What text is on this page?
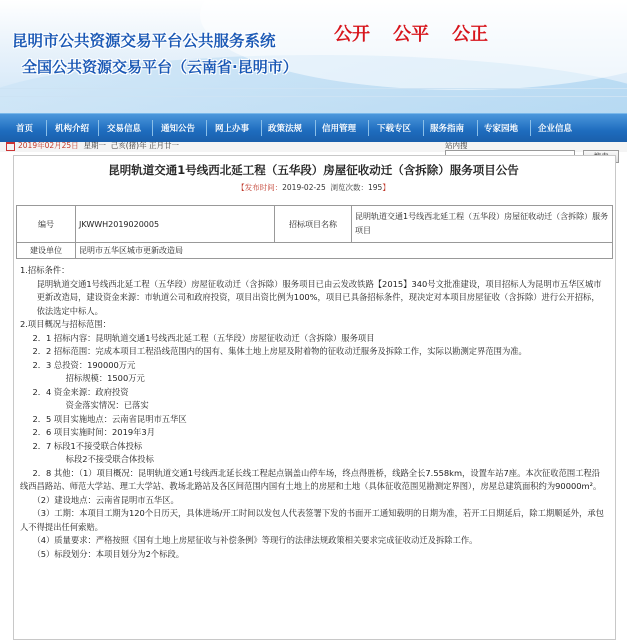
昆明市公共资源交易平台公共服务系统
全国公共资源交易平台（云南省·昆明市）
公开 公平 公正
首页	机构介绍 交易信息 通知公告 网上办事 政策法规 信用管理 下载专区 服务指南 专家园地 企业信息
2019年02月25日 星期一 己亥(猪)年 正月廿一	站内搜
昆明轨道交通1号线西北延工程（五华段）房屋征收动迁（含拆除）服务项目公告
【发布时间：2019-02-25 浏览次数：195】
编号	JKWWH2019020005	招标项目名称	昆明轨道交通1号线西北延工程（五华段）房屋征收动迁（含拆除）服务项目
建设单位	昆明市五华区城市更新改造局		

1.招标条件：

昆明轨道交通1号线西北延工程（五华段）房屋征收动迁（含拆除）服务项目已由云发改铁路【2015】340号文批准建设，项目招标人为昆明市五华区城市更新改造局，建设资金来源：市轨道公司和政府投资，项目出资比例为100%，项目已具备招标条件，现决定对本项目房屋征收（含拆除）进行公开招标，依法选定中标人。

2.项目概况与招标范围：

2．1 招标内容：昆明轨道交通1号线西北延工程（五华段）房屋征收动迁（含拆除）服务项目

2．2 招标范围：完成本项目工程沿线范围内的国有、集体土地上房屋及附着物的征收动迁服务及拆除工作，实际以勘测定界范围为准。

2．3 总投资：190000万元

招标规模：1500万元

2．4 资金来源：政府投资

资金落实情况：已落实

2．5 项目实施地点：云南省昆明市五华区

2．6 项目实施时间：2019年3月

2．7 标段1不接受联合体投标

标段2不接受联合体投标

2．8 其他：（1）项目概况：昆明轨道交通1号线西北延长线工程起点锅盖山停车场，终点得胜桥，线路全长7.558km，设置车站7座。本次征收范围工程沿线西昌路站、师范大学站、理工大学站、教场北路站及各区间范围内国有土地上的房屋和土地（具体征收范围见勘测定界图），房屋总建筑面积约为90000m²。

（2）建设地点：云南省昆明市五华区。

（3）工期：本项目工期为120个日历天，具体进场/开工时间以发包人代表签署下发的书面开工通知载明的日期为准，若开工日期延后，除工期顺延外，承包人不得提出任何索赔。

（4）质量要求：严格按照《国有土地上房屋征收与补偿条例》等现行的法律法规政策相关要求完成征收动迁及拆除工作。

（5）标段划分：本项目划分为2个标段。
